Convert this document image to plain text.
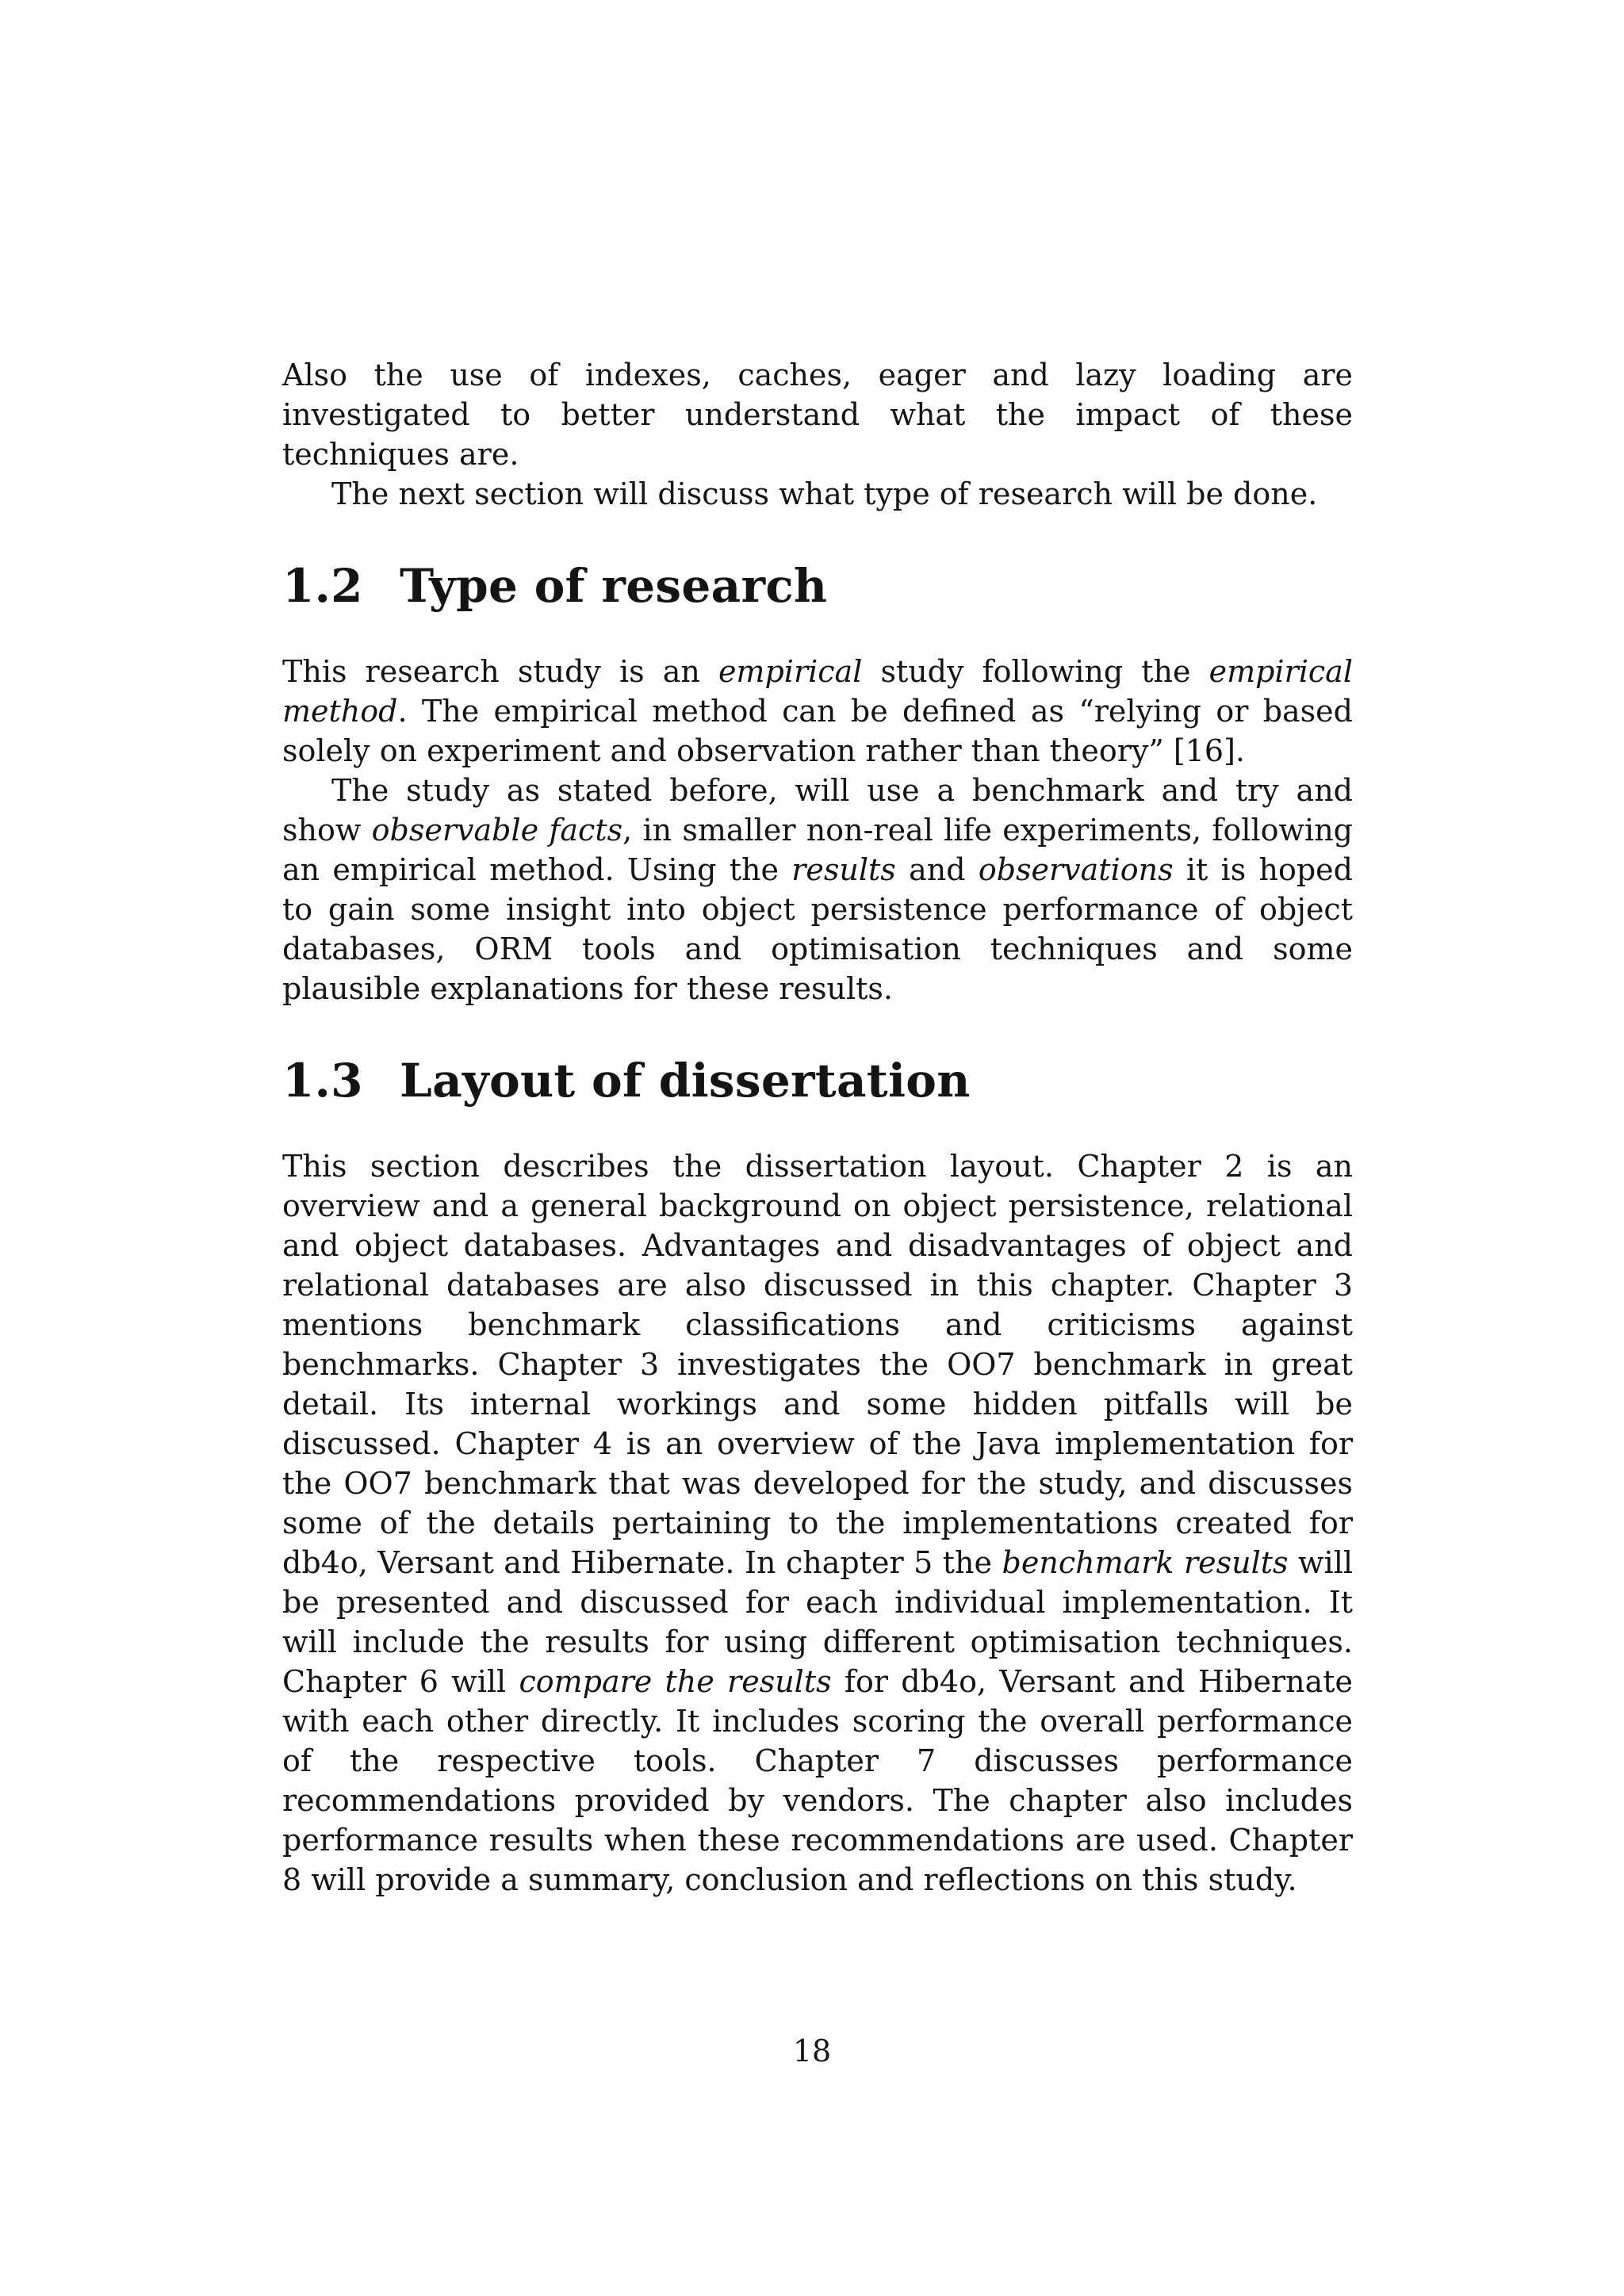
Also the use of indexes, caches, eager and lazy loading are investigated to better understand what the impact of these techniques are.

The next section will discuss what type of research will be done.

1.2 Type of research

This research study is an empirical study following the empirical method. The empirical method can be defined as “relying or based solely on experiment and observation rather than theory” [16].

The study as stated before, will use a benchmark and try and show observable facts, in smaller non-real life experiments, following an empirical method. Using the results and observations it is hoped to gain some insight into object persistence performance of object databases, ORM tools and optimisation techniques and some plausible explanations for these results.

1.3 Layout of dissertation

This section describes the dissertation layout. Chapter 2 is an overview and a general background on object persistence, relational and object databases. Advantages and disadvantages of object and relational databases are also discussed in this chapter. Chapter 3 mentions benchmark classifications and criticisms against benchmarks. Chapter 3 investigates the OO7 benchmark in great detail. Its internal workings and some hidden pitfalls will be discussed. Chapter 4 is an overview of the Java implementation for the OO7 benchmark that was developed for the study, and discusses some of the details pertaining to the implementations created for db4o, Versant and Hibernate. In chapter 5 the benchmark results will be presented and discussed for each individual implementation. It will include the results for using different optimisation techniques. Chapter 6 will compare the results for db4o, Versant and Hibernate with each other directly. It includes scoring the overall performance of the respective tools. Chapter 7 discusses performance recommendations provided by vendors. The chapter also includes performance results when these recommendations are used. Chapter 8 will provide a summary, conclusion and reflections on this study.

18
